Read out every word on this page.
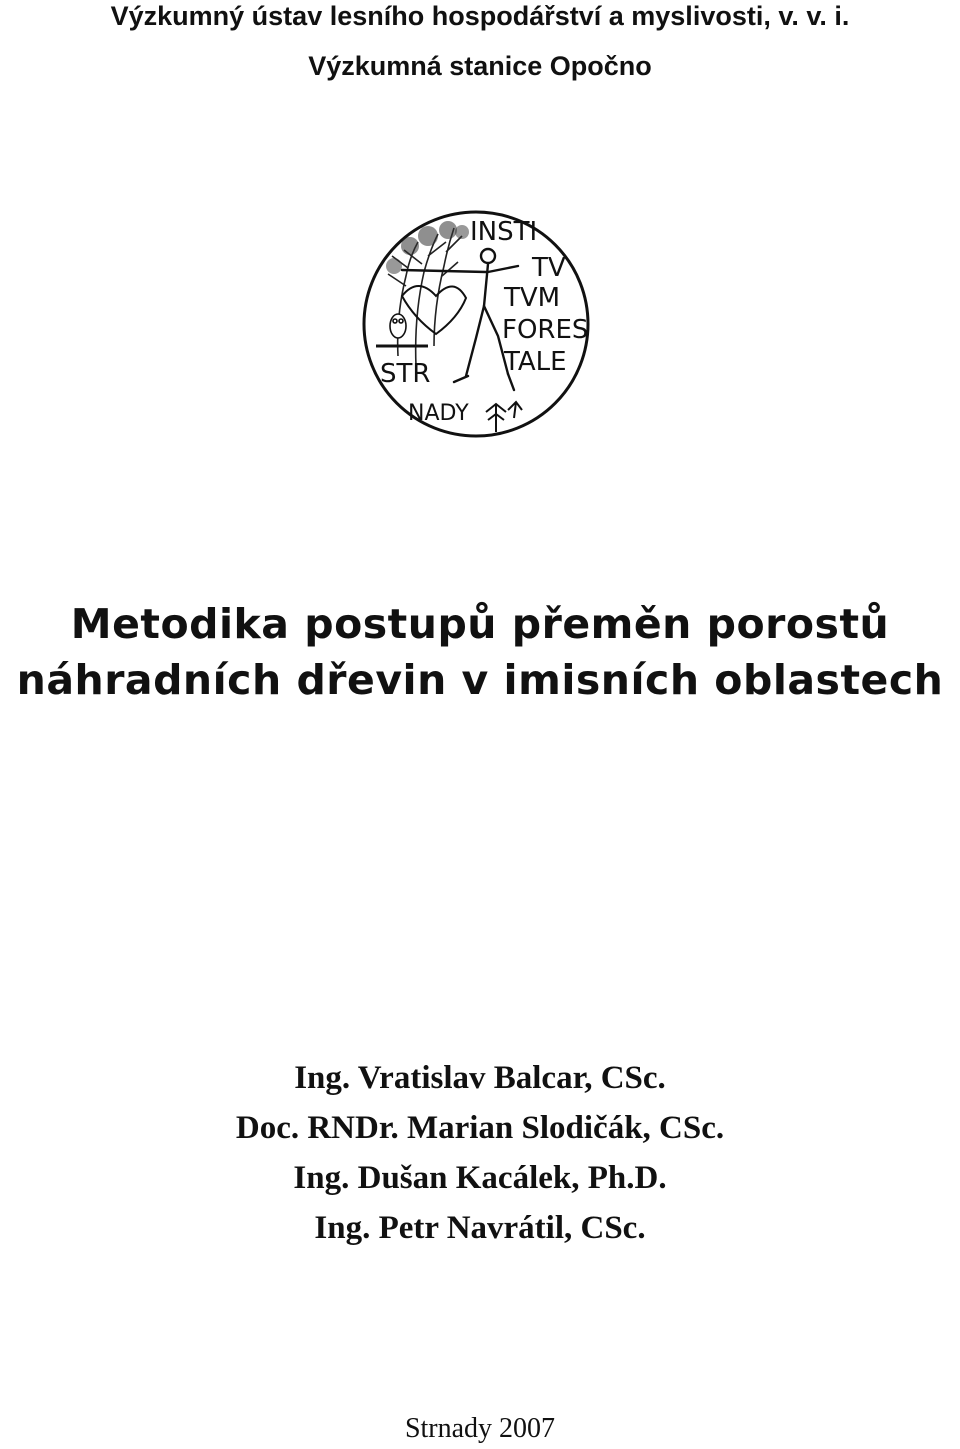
Výzkumný ústav lesního hospodářství a myslivosti, v. v. i.
Výzkumná stanice Opočno
INSTI
TV
TVM
FORES
TALE
STR
NADY
Metodika postupů přeměn porostů
náhradních dřevin v imisních oblastech
Ing. Vratislav Balcar, CSc.
Doc. RNDr. Marian Slodičák, CSc.
Ing. Dušan Kacálek, Ph.D.
Ing. Petr Navrátil, CSc.
Strnady 2007
